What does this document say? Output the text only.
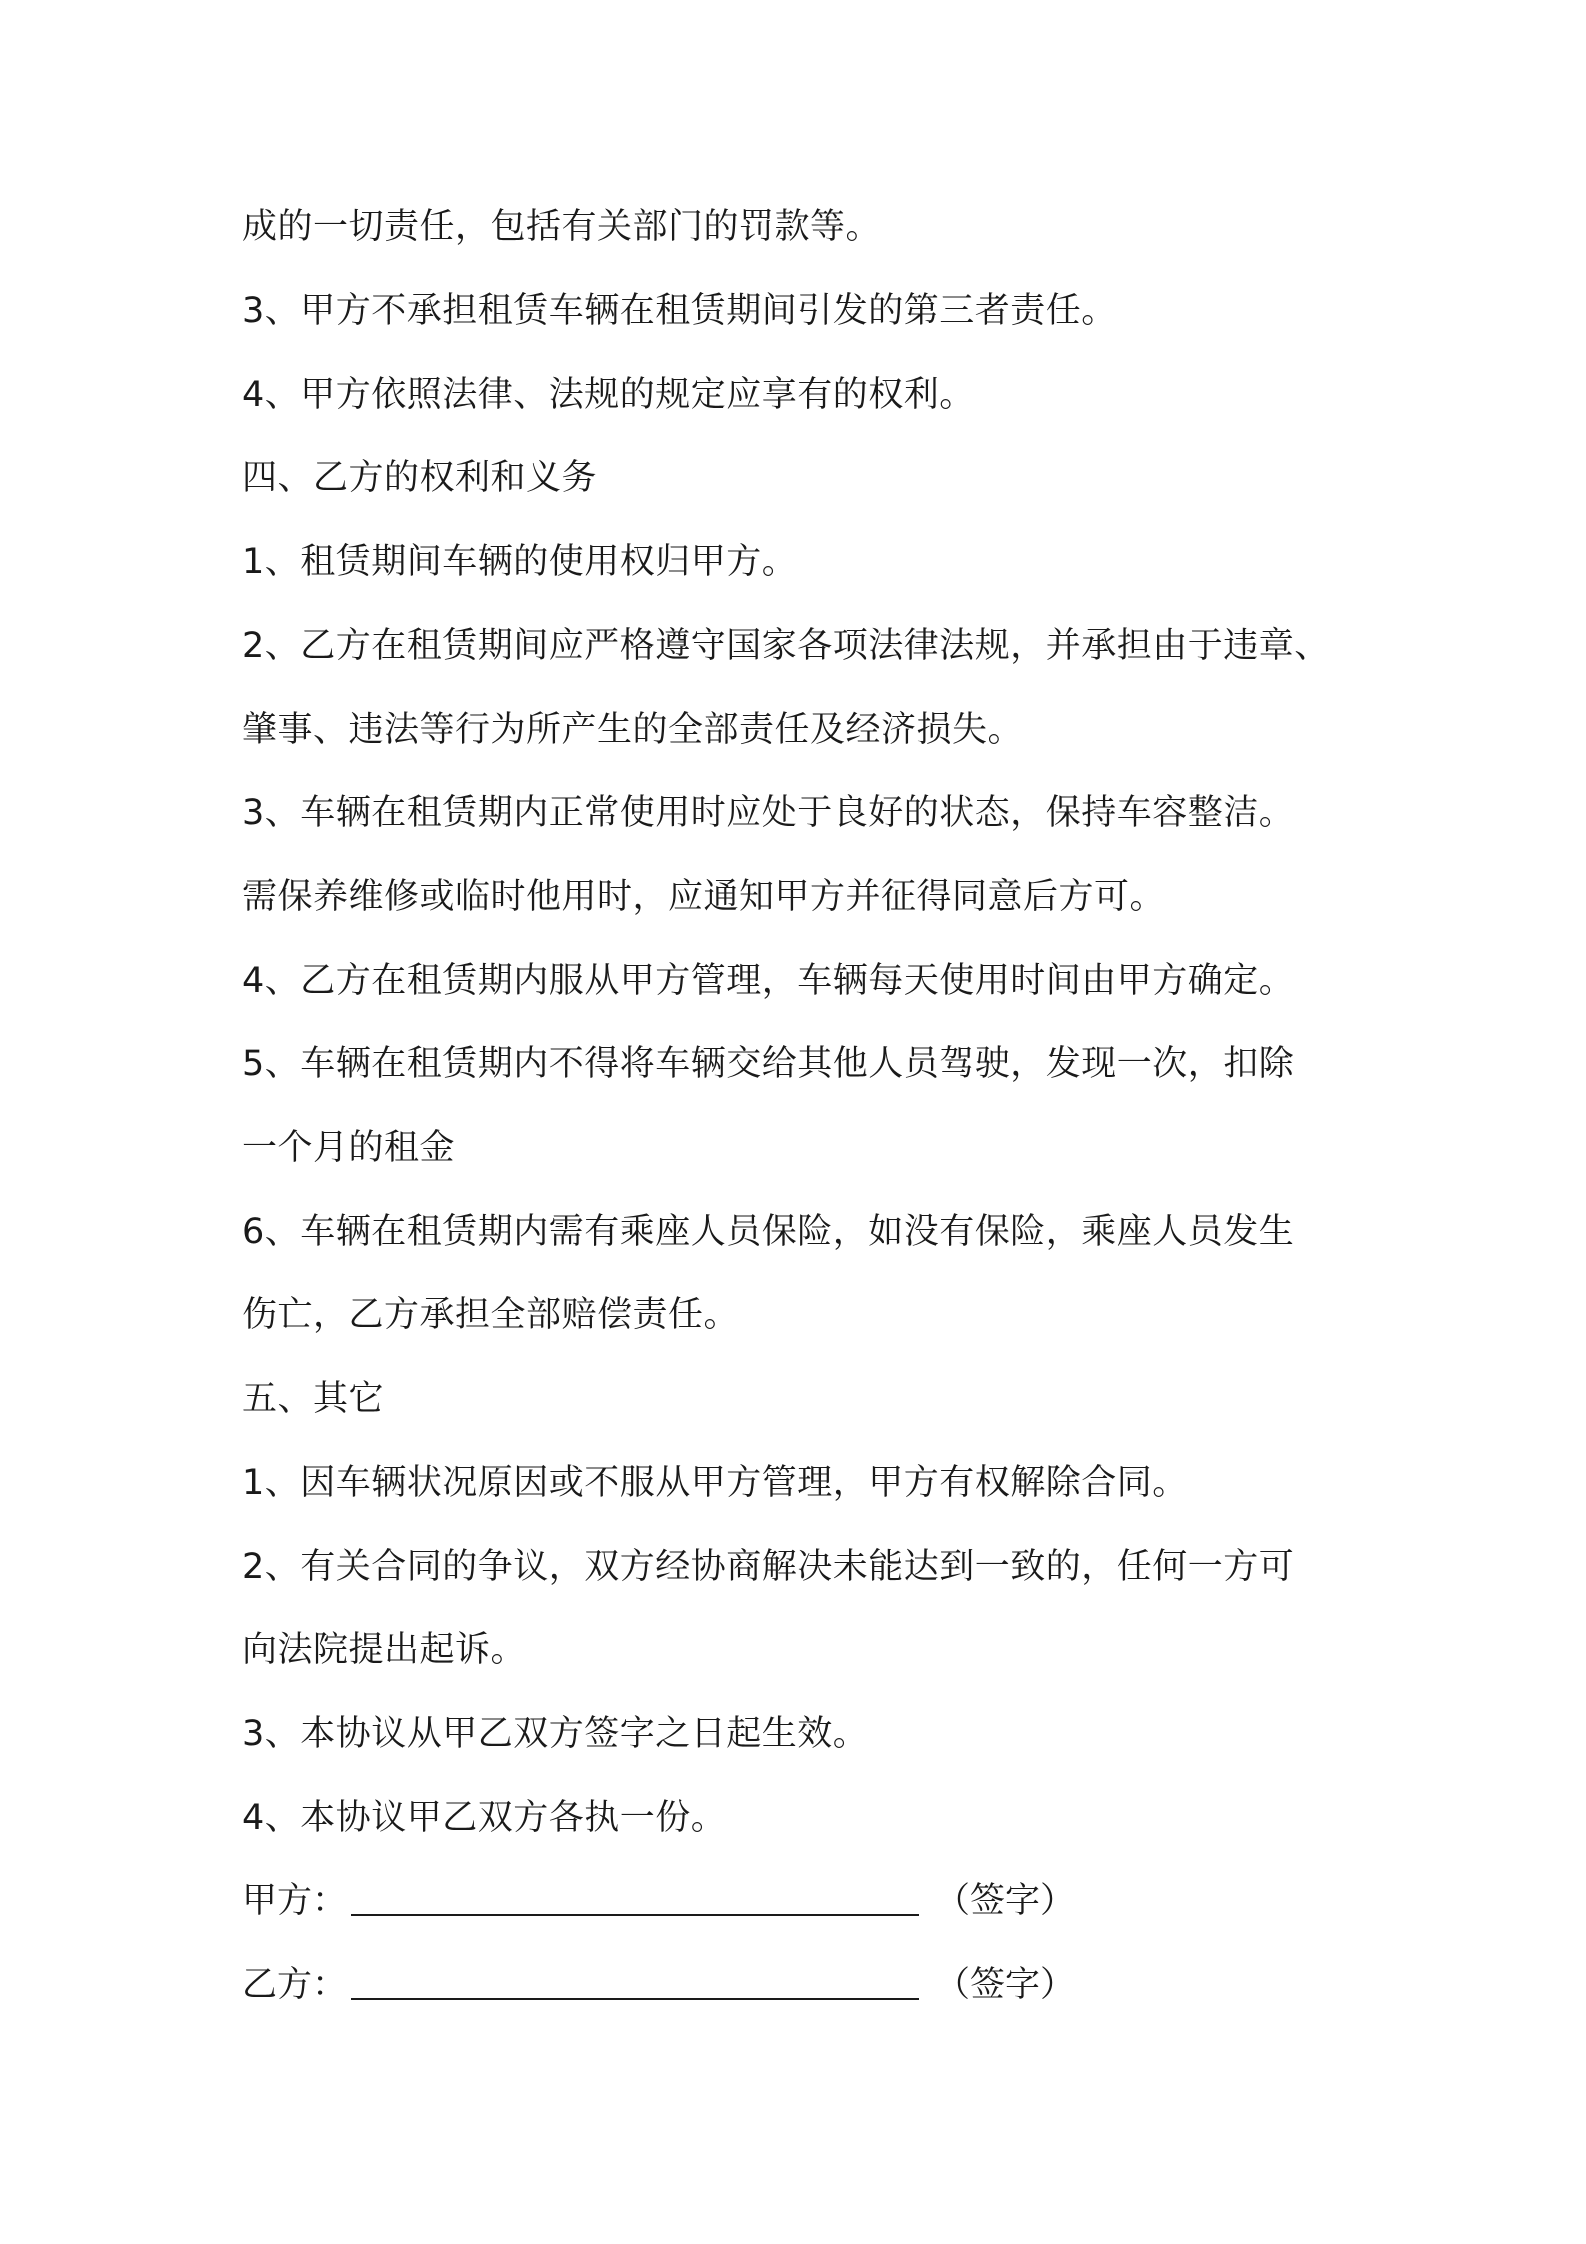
成的一切责任，包括有关部门的罚款等。
3、甲方不承担租赁车辆在租赁期间引发的第三者责任。
4、甲方依照法律、法规的规定应享有的权利。
四、乙方的权利和义务
1、租赁期间车辆的使用权归甲方。
2、乙方在租赁期间应严格遵守国家各项法律法规，并承担由于违章、
肇事、违法等行为所产生的全部责任及经济损失。
3、车辆在租赁期内正常使用时应处于良好的状态，保持车容整洁。
需保养维修或临时他用时，应通知甲方并征得同意后方可。
4、乙方在租赁期内服从甲方管理，车辆每天使用时间由甲方确定。
5、车辆在租赁期内不得将车辆交给其他人员驾驶，发现一次，扣除
一个月的租金
6、车辆在租赁期内需有乘座人员保险，如没有保险，乘座人员发生
伤亡，乙方承担全部赔偿责任。
五、其它
1、因车辆状况原因或不服从甲方管理，甲方有权解除合同。
2、有关合同的争议，双方经协商解决未能达到一致的，任何一方可
向法院提出起诉。
3、本协议从甲乙双方签字之日起生效。
4、本协议甲乙双方各执一份。
甲方：	（签字）
乙方：	（签字）
